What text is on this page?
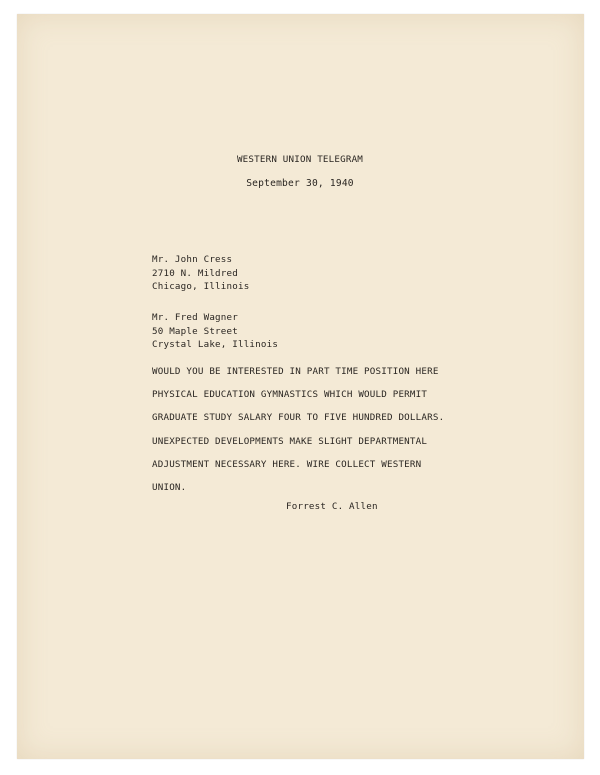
WESTERN UNION TELEGRAM
September 30, 1940
Mr. John Cress
2710 N. Mildred
Chicago, Illinois
Mr. Fred Wagner
50 Maple Street
Crystal Lake, Illinois
WOULD YOU BE INTERESTED IN PART TIME POSITION HERE
PHYSICAL EDUCATION GYMNASTICS WHICH WOULD PERMIT
GRADUATE STUDY SALARY FOUR TO FIVE HUNDRED DOLLARS.
UNEXPECTED DEVELOPMENTS MAKE SLIGHT DEPARTMENTAL
ADJUSTMENT NECESSARY HERE. WIRE COLLECT WESTERN
UNION.
Forrest C. Allen
